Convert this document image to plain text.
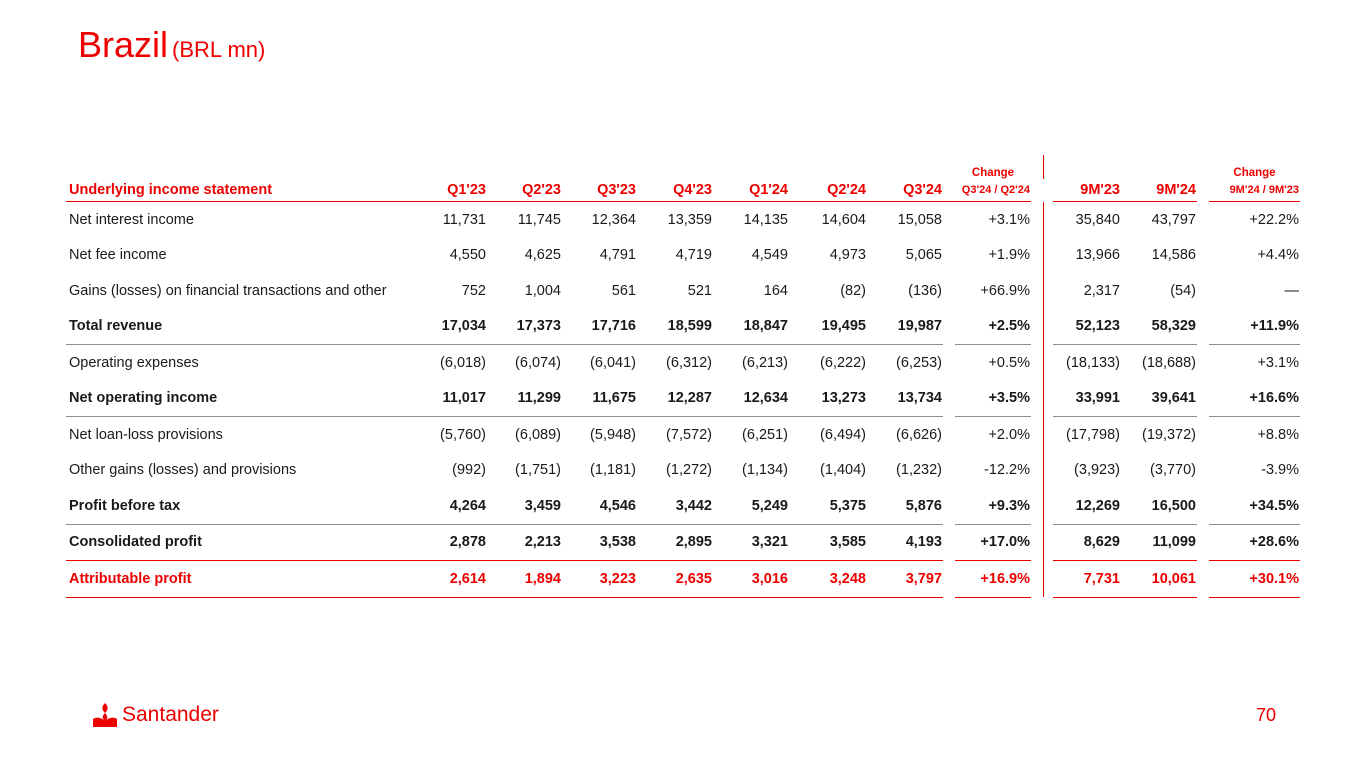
Brazil (BRL mn)
									Change						Change
Underlying income statement	Q1'23	Q2'23	Q3'23	Q4'23	Q1'24	Q2'24	Q3'24		Q3'24 / Q2'24			9M'23	9M'24		9M'24 / 9M'23
Net interest income	11,731	11,745	12,364	13,359	14,135	14,604	15,058		+3.1%			35,840	43,797		+22.2%
Net fee income	4,550	4,625	4,791	4,719	4,549	4,973	5,065		+1.9%			13,966	14,586		+4.4%
Gains (losses) on financial transactions and other	752	1,004	561	521	164	(82)	(136)		+66.9%			2,317	(54)		—
Total revenue	17,034	17,373	17,716	18,599	18,847	19,495	19,987		+2.5%			52,123	58,329		+11.9%
Operating expenses	(6,018)	(6,074)	(6,041)	(6,312)	(6,213)	(6,222)	(6,253)		+0.5%			(18,133)	(18,688)		+3.1%
Net operating income	11,017	11,299	11,675	12,287	12,634	13,273	13,734		+3.5%			33,991	39,641		+16.6%
Net loan-loss provisions	(5,760)	(6,089)	(5,948)	(7,572)	(6,251)	(6,494)	(6,626)		+2.0%			(17,798)	(19,372)		+8.8%
Other gains (losses) and provisions	(992)	(1,751)	(1,181)	(1,272)	(1,134)	(1,404)	(1,232)		-12.2%			(3,923)	(3,770)		-3.9%
Profit before tax	4,264	3,459	4,546	3,442	5,249	5,375	5,876		+9.3%			12,269	16,500		+34.5%
Consolidated profit	2,878	2,213	3,538	2,895	3,321	3,585	4,193		+17.0%			8,629	11,099		+28.6%
Attributable profit	2,614	1,894	3,223	2,635	3,016	3,248	3,797		+16.9%			7,731	10,061		+30.1%
Santander	70
